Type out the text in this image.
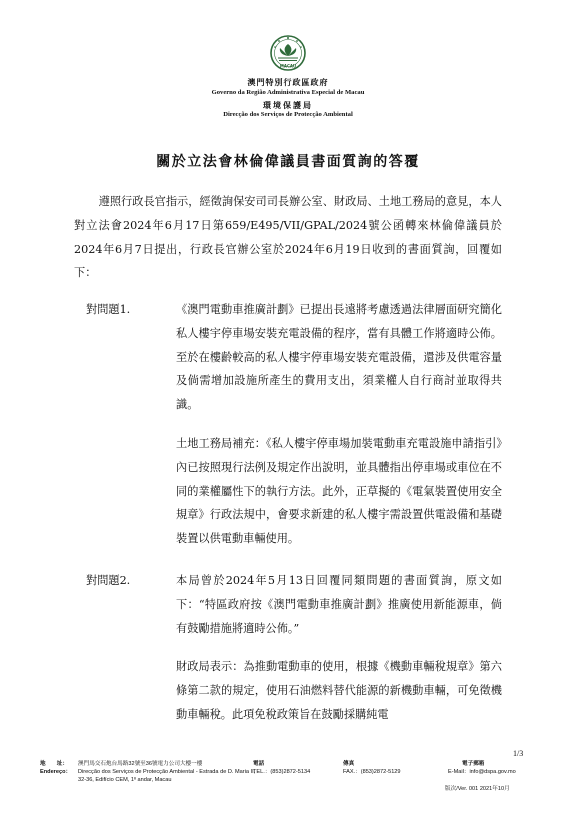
MACAU
澳門特別行政區政府
Governo da Região Administrativa Especial de Macau
環境保護局
Direcção dos Serviços de Protecção Ambiental
關於立法會林倫偉議員書面質詢的答覆

遵照行政長官指示，經徵詢保安司司長辦公室、財政局、土地工務局的意見，本人對立法會2024年6月17日第659/E495/VII/GPAL/2024號公函轉來林倫偉議員於2024年6月7日提出，行政長官辦公室於2024年6月19日收到的書面質詢，回覆如下：

對問題1.	《澳門電動車推廣計劃》已提出長遠將考慮透過法律層面研究簡化私人樓宇停車場安裝充電設備的程序，當有具體工作將適時公佈。至於在樓齡較高的私人樓宇停車場安裝充電設備，還涉及供電容量及倘需增加設施所產生的費用支出，須業權人自行商討並取得共識。

土地工務局補充：《私人樓宇停車場加裝電動車充電設施申請指引》內已按照現行法例及規定作出說明，並具體指出停車場或車位在不同的業權屬性下的執行方法。此外，正草擬的《電氣裝置使用安全規章》行政法規中，會要求新建的私人樓宇需設置供電設備和基礎裝置以供電動車輛使用。

對問題2.	本局曾於2024年5月13日回覆同類問題的書面質詢，原文如下：“特區政府按《澳門電動車推廣計劃》推廣使用新能源車，倘有鼓勵措施將適時公佈。”

財政局表示：為推動電動車的使用，根據《機動車輛稅規章》第六條第二款的規定，使用石油燃料替代能源的新機動車輛，可免徵機動車輛稅。此項免稅政策旨在鼓勵採購純電

1/3
地　　址：
Endereço：
澳門馬交石炮台馬路32號至36號電力公司大樓一樓
Direcção dos Serviços de Protecção Ambiental - Estrada de D. Maria II,
32-36, Edifício CEM, 1º andar, Macau
電話
TEL.：(853)2872-5134
傳真
FAX.：(853)2872-5129
電子郵箱
E-Mail：info@dspa.gov.mo
版次/Ver. 001 2021年10月
